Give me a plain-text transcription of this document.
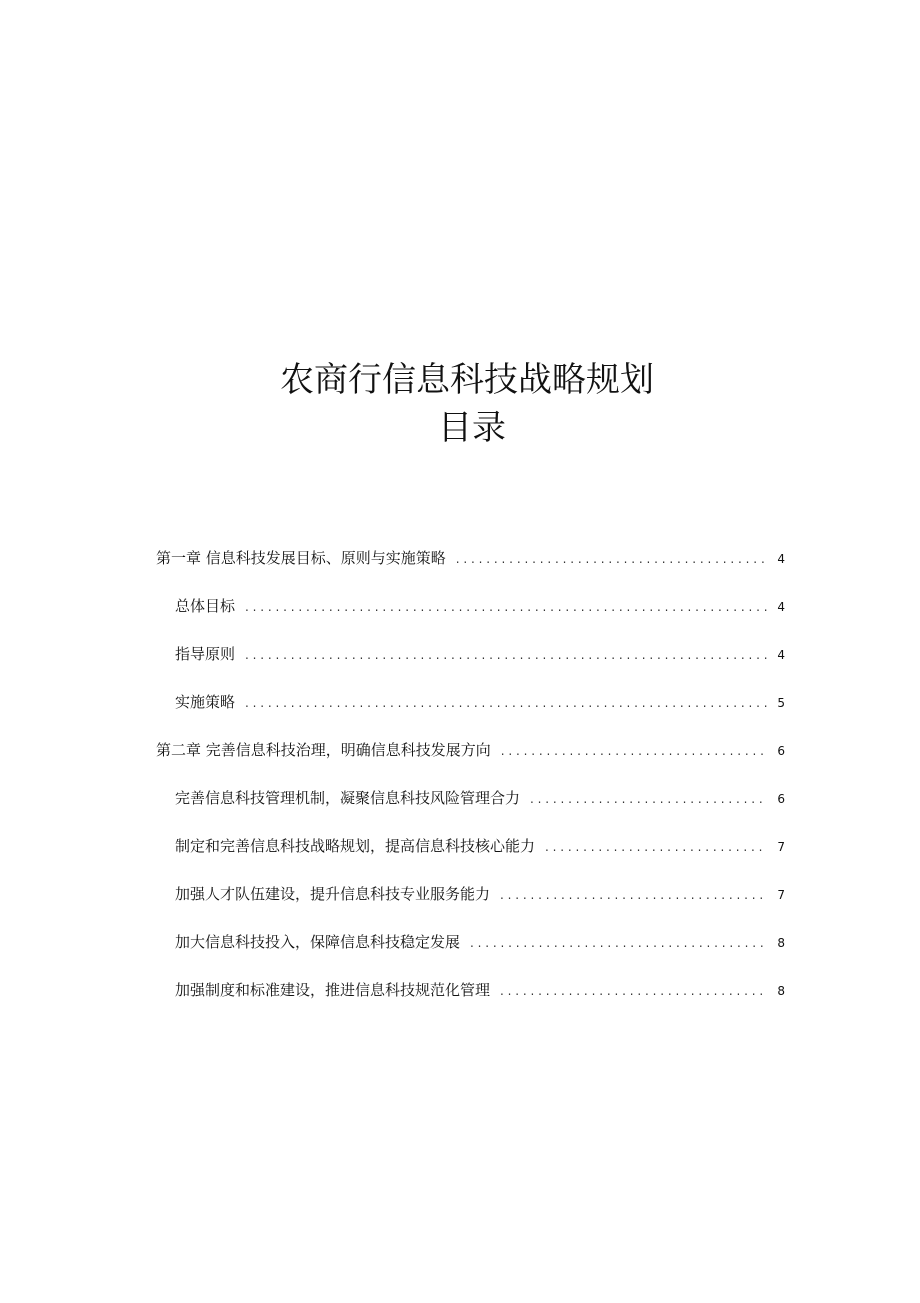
农商行信息科技战略规划
目录
第一章 信息科技发展目标、原则与实施策略 . . .	4
总体目标 . . .	4
指导原则 . . .	4
实施策略 . . .	5
第二章 完善信息科技治理，明确信息科技发展方向 . . .	6
完善信息科技管理机制，凝聚信息科技风险管理合力 . . .	6
制定和完善信息科技战略规划，提高信息科技核心能力 . . .	7
加强人才队伍建设，提升信息科技专业服务能力 . . .	7
加大信息科技投入，保障信息科技稳定发展 . . .	8
加强制度和标准建设，推进信息科技规范化管理 . . .	8
